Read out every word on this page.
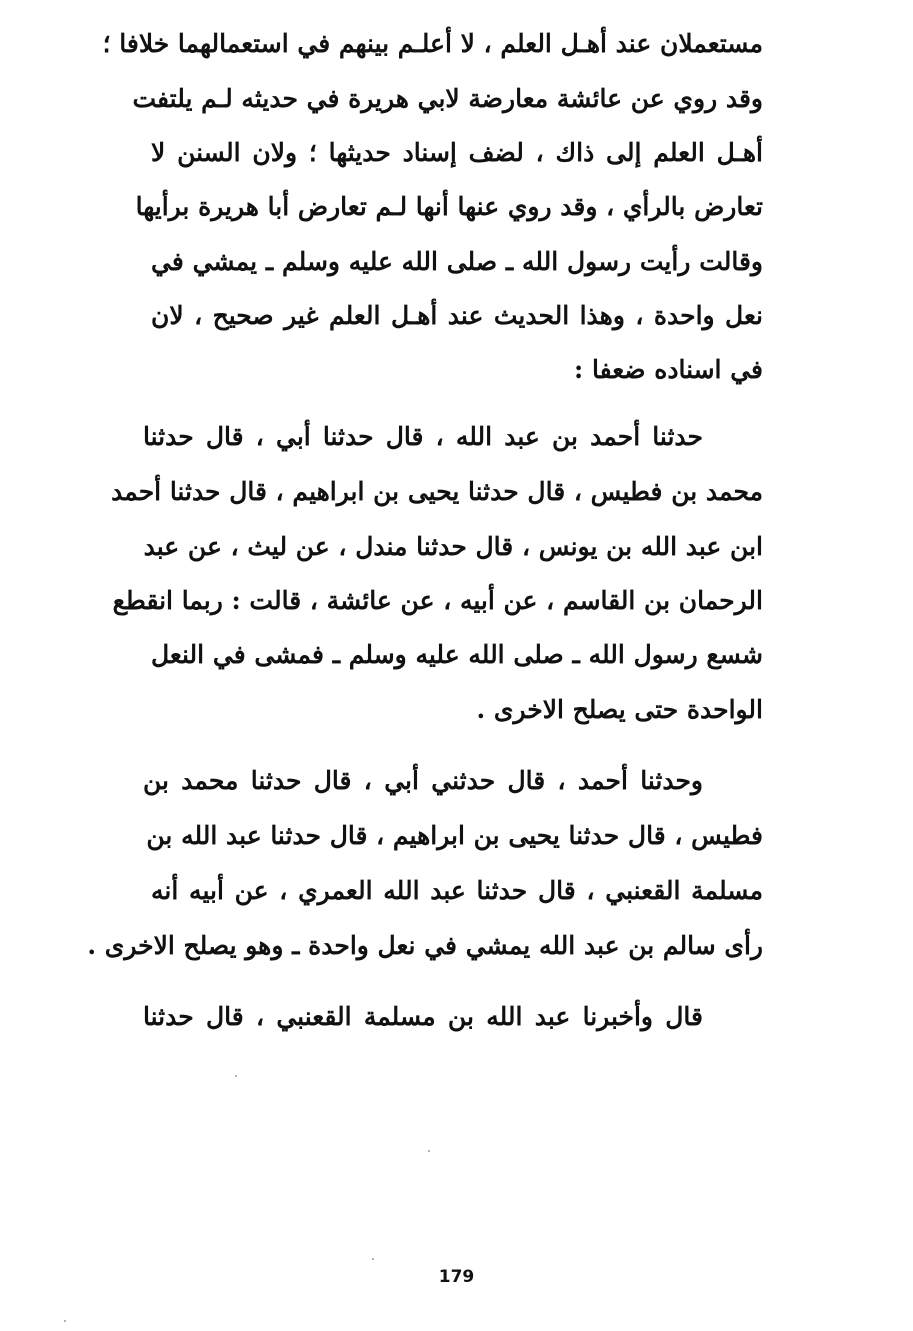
مستعملان عند أهـل العلم ، لا أعلـم بينهم في استعمالهما خلافا ؛
وقد روي عن عائشة معارضة لابي هريرة في حديثه لـم يلتفت
أهـل العلم إلى ذاك ، لضف إسناد حديثها ؛ ولان السنن لا
تعارض بالرأي ، وقد روي عنها أنها لـم تعارض أبا هريرة برأيها
وقالت رأيت رسول الله ـ صلى الله عليه وسلم ـ يمشي في
نعل واحدة ، وهذا الحديث عند أهـل العلم غير صحيح ، لان
في اسناده ضعفا :
حدثنا أحمد بن عبد الله ، قال حدثنا أبي ، قال حدثنا
محمد بن فطيس ، قال حدثنا يحيى بن ابراهيم ، قال حدثنا أحمد
ابن عبد الله بن يونس ، قال حدثنا مندل ، عن ليث ، عن عبد
الرحمان بن القاسم ، عن أبيه ، عن عائشة ، قالت : ربما انقطع
شسع رسول الله ـ صلى الله عليه وسلم ـ فمشى في النعل
الواحدة حتى يصلح الاخرى .
وحدثنا أحمد ، قال حدثني أبي ، قال حدثنا محمد بن
فطيس ، قال حدثنا يحيى بن ابراهيم ، قال حدثنا عبد الله بن
مسلمة القعنبي ، قال حدثنا عبد الله العمري ، عن أبيه أنه
رأى سالم بن عبد الله يمشي في نعل واحدة ـ وهو يصلح الاخرى .
قال وأخبرنا عبد الله بن مسلمة القعنبي ، قال حدثنا
179
